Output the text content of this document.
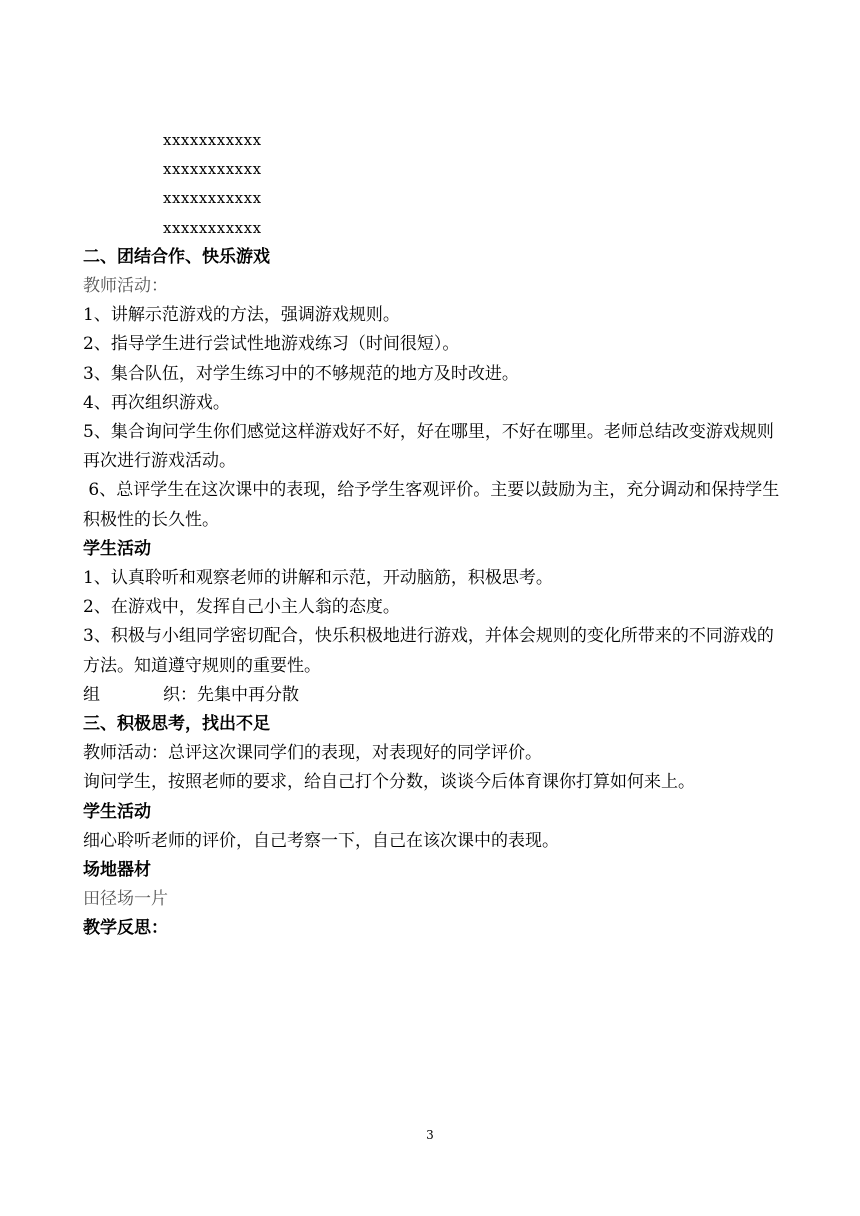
xxxxxxxxxxx
xxxxxxxxxxx
xxxxxxxxxxx
xxxxxxxxxxx
二、团结合作、快乐游戏
教师活动：
1、讲解示范游戏的方法，强调游戏规则。
2、指导学生进行尝试性地游戏练习（时间很短）。
3、集合队伍，对学生练习中的不够规范的地方及时改进。
4、再次组织游戏。
5、集合询问学生你们感觉这样游戏好不好，好在哪里，不好在哪里。老师总结改变游戏规则再次进行游戏活动。
6、总评学生在这次课中的表现，给予学生客观评价。主要以鼓励为主，充分调动和保持学生积极性的长久性。
学生活动
1、认真聆听和观察老师的讲解和示范，开动脑筋，积极思考。
2、在游戏中，发挥自己小主人翁的态度。
3、积极与小组同学密切配合，快乐积极地进行游戏，并体会规则的变化所带来的不同游戏的方法。知道遵守规则的重要性。
组	织： 先集中再分散
三、积极思考，找出不足
教师活动：总评这次课同学们的表现，对表现好的同学评价。
询问学生，按照老师的要求，给自己打个分数，谈谈今后体育课你打算如何来上。
学生活动
细心聆听老师的评价，自己考察一下，自己在该次课中的表现。
场地器材
田径场一片
教学反思：
3
